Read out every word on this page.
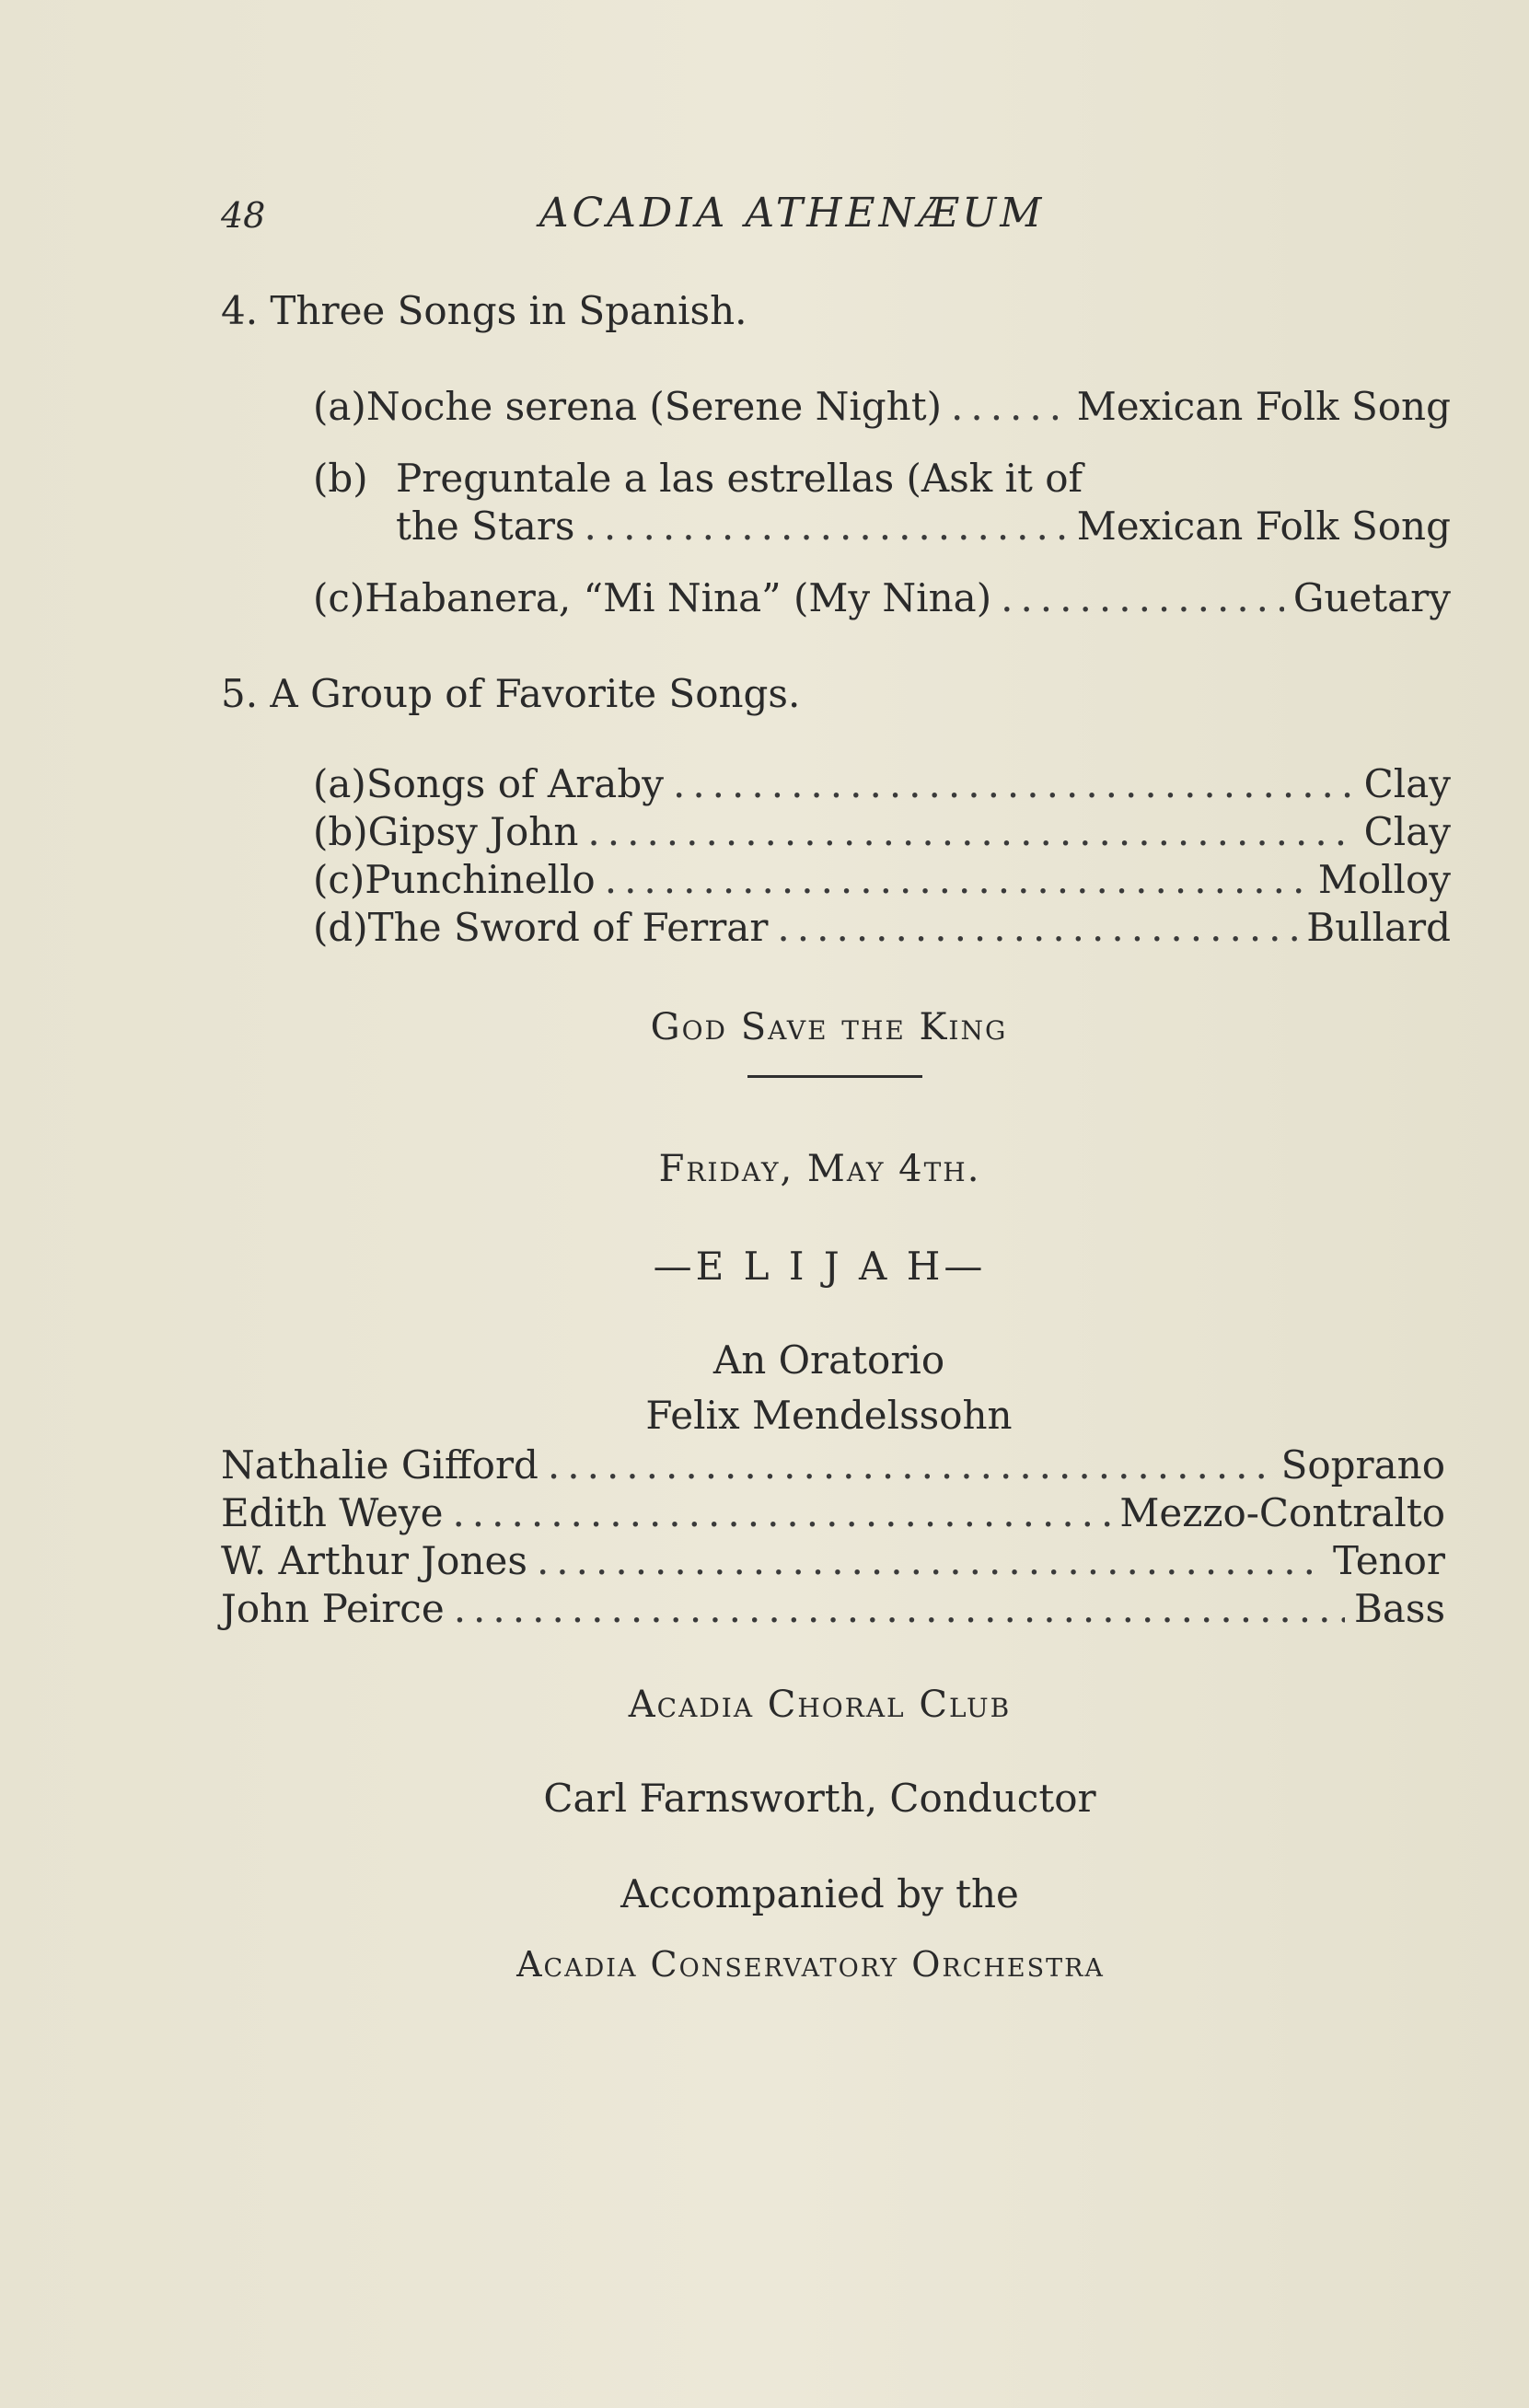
48	ACADIA ATHENÆUM
4. Three Songs in Spanish.
(a) Noche serena (Serene Night) .....	Mexican Folk Song
(b) Preguntale a las estrellas (Ask it of
the Stars .....	Mexican Folk Song
(c) Habanera, “Mi Nina” (My Nina) .....	Guetary
5. A Group of Favorite Songs.
(a) Songs of Araby .....	Clay
(b) Gipsy John .....	Clay
(c) Punchinello .....	Molloy
(d) The Sword of Ferrar .....	Bullard
God Save the King
Friday, May 4th.
—E L I J A H—
An Oratorio
Felix Mendelssohn
Nathalie Gifford .....	Soprano
Edith Weye .....	Mezzo-Contralto
W. Arthur Jones .....	Tenor
John Peirce .....	Bass
Acadia Choral Club
Carl Farnsworth, Conductor
Accompanied by the
Acadia Conservatory Orchestra
